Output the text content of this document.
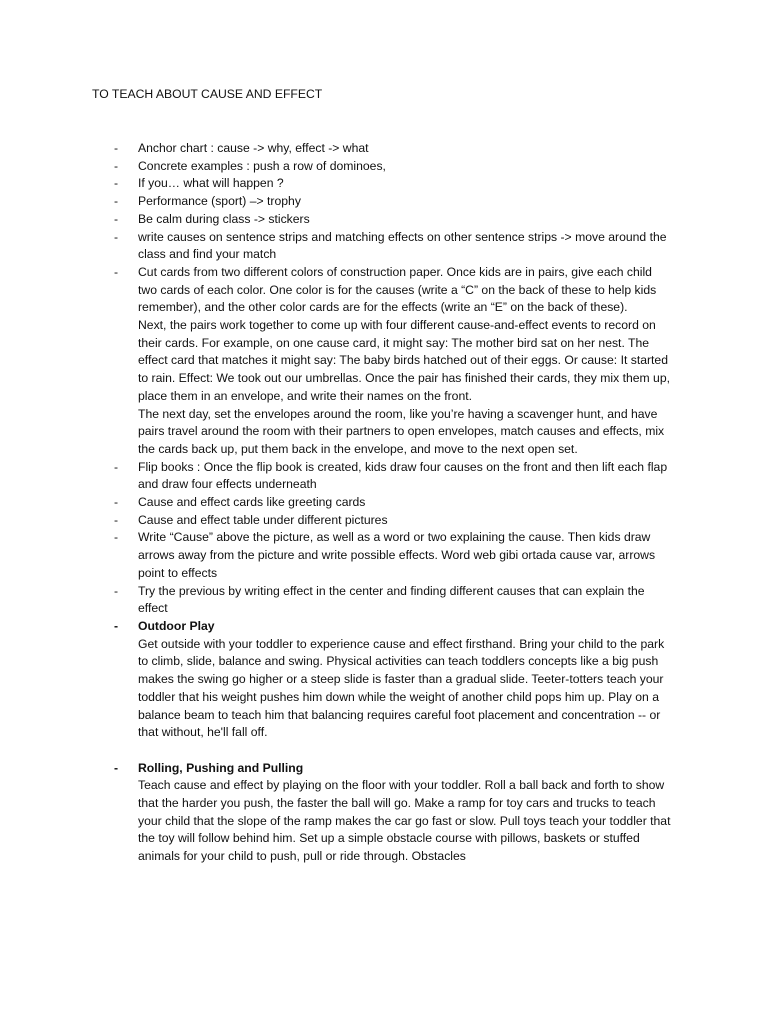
TO TEACH ABOUT CAUSE AND EFFECT
- Anchor chart : cause -> why, effect -> what

- Concrete examples : push a row of dominoes,

- If you… what will happen ?

- Performance (sport) –> trophy

- Be calm during class -> stickers

- write causes on sentence strips and matching effects on other sentence strips -> move around the class and find your match

- Cut cards from two different colors of construction paper. Once kids are in pairs, give each child two cards of each color. One color is for the causes (write a “C” on the back of these to help kids remember), and the other color cards are for the effects (write an “E” on the back of these).

Next, the pairs work together to come up with four different cause-and-effect events to record on their cards. For example, on one cause card, it might say: The mother bird sat on her nest. The effect card that matches it might say: The baby birds hatched out of their eggs. Or cause: It started to rain. Effect: We took out our umbrellas. Once the pair has finished their cards, they mix them up, place them in an envelope, and write their names on the front.

The next day, set the envelopes around the room, like you’re having a scavenger hunt, and have pairs travel around the room with their partners to open envelopes, match causes and effects, mix the cards back up, put them back in the envelope, and move to the next open set.

- Flip books : Once the flip book is created, kids draw four causes on the front and then lift each flap and draw four effects underneath

- Cause and effect cards like greeting cards

- Cause and effect table under different pictures

- Write “Cause” above the picture, as well as a word or two explaining the cause. Then kids draw arrows away from the picture and write possible effects. Word web gibi ortada cause var, arrows point to effects

- Try the previous by writing effect in the center and finding different causes that can explain the effect

- Outdoor Play

Get outside with your toddler to experience cause and effect firsthand. Bring your child to the park to climb, slide, balance and swing. Physical activities can teach toddlers concepts like a big push makes the swing go higher or a steep slide is faster than a gradual slide. Teeter-totters teach your toddler that his weight pushes him down while the weight of another child pops him up. Play on a balance beam to teach him that balancing requires careful foot placement and concentration -- or that without, he'll fall off.

- Rolling, Pushing and Pulling

Teach cause and effect by playing on the floor with your toddler. Roll a ball back and forth to show that the harder you push, the faster the ball will go. Make a ramp for toy cars and trucks to teach your child that the slope of the ramp makes the car go fast or slow. Pull toys teach your toddler that the toy will follow behind him. Set up a simple obstacle course with pillows, baskets or stuffed animals for your child to push, pull or ride through. Obstacles
